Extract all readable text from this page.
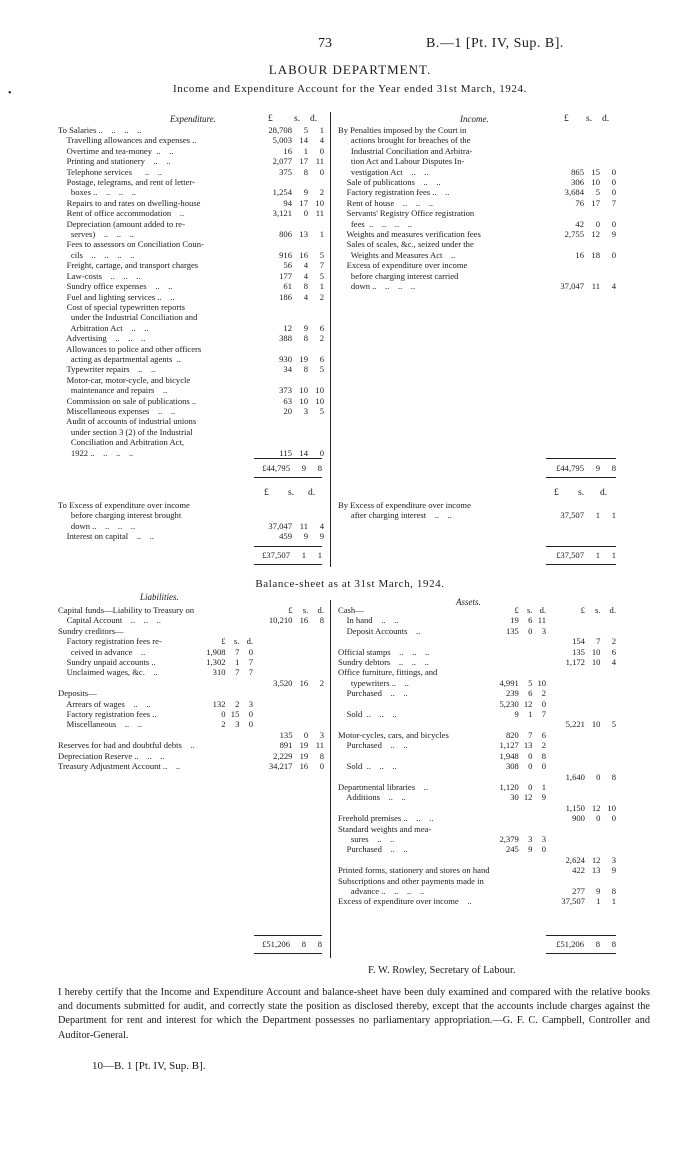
73	B.—1 [Pt. IV, Sup. B].
•
LABOUR DEPARTMENT.
Income and Expenditure Account for the Year ended 31st March, 1924.
Expenditure.	£ s. d.	Income.	£ s. d.
To Salaries ..    ..    ..    ..	28,708	5	1
Travelling allowances and expenses ..	5,003	14	4
Overtime and tea-money  ..    ..	16	1	0
Printing and stationery    ..    ..	2,077	17	11
Telephone services      ..    ..	375	8	0
Postage, telegrams, and rent of letter-			
boxes ..    ..    ..    ..	1,254	9	2
Repairs to and rates on dwelling-house	94	17	10
Rent of office accommodation    ..	3,121	0	11
Depreciation (amount added to re-			
serves)    ..    ..    ..	806	13	1
Fees to assessors on Conciliation Coun-			
cils    ..    ..    ..    ..	916	16	5
Freight, cartage, and transport charges	56	4	7
Law-costs    ..    ..    ..	177	4	5
Sundry office expenses    ..    ..	61	8	1
Fuel and lighting services ..    ..	186	4	2
Cost of special typewritten reports			
under the Industrial Conciliation and			
Arbitration Act    ..    ..	12	9	6
Advertising    ..    ..    ..	388	8	2
Allowances to police and other officers			
acting as departmental agents  ..	930	19	6
Typewriter repairs    ..    ..	34	8	5
Motor-car, motor-cycle, and bicycle			
maintenance and repairs    ..	373	10	10
Commission on sale of publications ..	63	10	10
Miscellaneous expenses    ..    ..	20	3	5
Audit of accounts of industrial unions			
under section 3 (2) of the Industrial			
Conciliation and Arbitration Act,			
1922 ..    ..    ..    ..	115	14	0
By Penalties imposed by the Court in			
actions brought for breaches of the			
Industrial Conciliation and Arbitra-			
tion Act and Labour Disputes In-			
vestigation Act    ..    ..	865	15	0
Sale of publications    ..    ..	306	10	0
Factory registration fees ..    ..	3,684	5	0
Rent of house    ..    ..    ..	76	17	7
Servants' Registry Office registration			
fees  ..    ..    ..    ..	42	0	0
Weights and measures verification fees	2,755	12	9
Sales of scales, &c., seized under the			
Weights and Measures Act    ..	16	18	0
Excess of expenditure over income			
before charging interest carried			
down ..    ..    ..    ..	37,047	11	4
£44,795	9	8	£44,795	9	8
£ s. d.	£ s. d.
To Excess of expenditure over income			
before charging interest brought			
down ..    ..    ..    ..	37,047	11	4
Interest on capital    ..    ..	459	9	9
By Excess of expenditure over income			
after charging interest    ..    ..	37,507	1	1
£37,507	1	1	£37,507	1	1
Balance-sheet as at 31st March, 1924.
Liabilities.	Assets.
Capital funds—Liability to Treasury on				£	s.	d.
Capital Account    ..    ..    ..				10,210	16	8
Sundry creditors—						
Factory registration fees re-	£	s.	d.			
ceived in advance    ..	1,908	7	0			
Sundry unpaid accounts ..	1,302	1	7			
Unclaimed wages, &c.    ..	310	7	7			
				3,520	16	2
Deposits—						
Arrears of wages    ..    ..	132	2	3			
Factory registration fees ..	0	15	0			
Miscellaneous    ..    ..	2	3	0			
				135	0	3
Reserves for bad and doubtful debts    ..				891	19	11
Depreciation Reserve ..    ..    ..				2,229	19	8
Treasury Adjustment Account ..    ..				34,217	16	0
Cash—	£	s.	d.	£	s.	d.
In hand    ..    ..	19	6	11			
Deposit Accounts    ..	135	0	3			
				154	7	2
Official stamps    ..    ..    ..				135	10	6
Sundry debtors    ..    ..    ..				1,172	10	4
Office furniture, fittings, and						
typewriters ..    ..	4,991	5	10			
Purchased    ..    ..	239	6	2			

	5,230	12	0			
Sold  ..    ..    ..	9	1	7			
				5,221	10	5
Motor-cycles, cars, and bicycles	820	7	6			
Purchased    ..    ..	1,127	13	2			

	1,948	0	8			
Sold  ..    ..    ..	308	0	0			
				1,640	0	8
Departmental libraries    ..	1,120	0	1			
Additions    ..    ..	30	12	9			
				1,150	12	10
Freehold premises ..    ..    ..				900	0	0
Standard weights and mea-						
sures    ..    ..	2,379	3	3			
Purchased    ..    ..	245	9	0			
				2,624	12	3
Printed forms, stationery and stores on hand				422	13	9
Subscriptions and other payments made in						
advance ..    ..    ..    ..				277	9	8
Excess of expenditure over income    ..				37,507	1	1
£51,206	8	8	£51,206	8	8
F. W. Rowley, Secretary of Labour.
I hereby certify that the Income and Expenditure Account and balance-sheet have been duly examined and compared with the relative books and documents submitted for audit, and correctly state the position as disclosed thereby, except that the accounts include charges against the Department for rent and interest for which the Department possesses no parliamentary appropriation.—G. F. C. Campbell, Controller and Auditor-General.
10—B. 1 [Pt. IV, Sup. B].
